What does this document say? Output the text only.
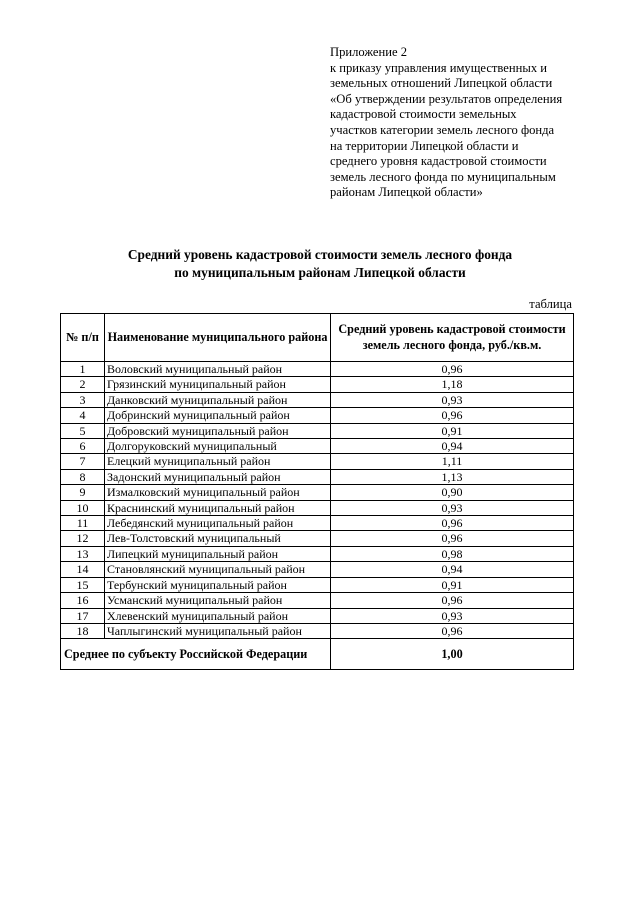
Приложение 2
к приказу управления имущественных и
земельных отношений Липецкой области
«Об утверждении результатов определения
кадастровой стоимости земельных
участков категории земель лесного фонда
на территории Липецкой области и
среднего уровня кадастровой стоимости
земель лесного фонда по муниципальным
районам Липецкой области»
Средний уровень кадастровой стоимости земель лесного фонда
по муниципальным районам Липецкой области
таблица
№ п/п	Наименование муниципального района	Средний уровень кадастровой стоимости земель лесного фонда, руб./кв.м.
1	Воловский муниципальный район	0,96
2	Грязинский муниципальный район	1,18
3	Данковский муниципальный район	0,93
4	Добринский муниципальный район	0,96
5	Добровский муниципальный район	0,91
6	Долгоруковский муниципальный	0,94
7	Елецкий муниципальный район	1,11
8	Задонский муниципальный район	1,13
9	Измалковский муниципальный район	0,90
10	Краснинский муниципальный район	0,93
11	Лебедянский муниципальный район	0,96
12	Лев-Толстовский муниципальный	0,96
13	Липецкий муниципальный район	0,98
14	Становлянский муниципальный район	0,94
15	Тербунский муниципальный район	0,91
16	Усманский муниципальный район	0,96
17	Хлевенский муниципальный район	0,93
18	Чаплыгинский муниципальный район	0,96
Среднее по субъекту Российской Федерации		1,00
